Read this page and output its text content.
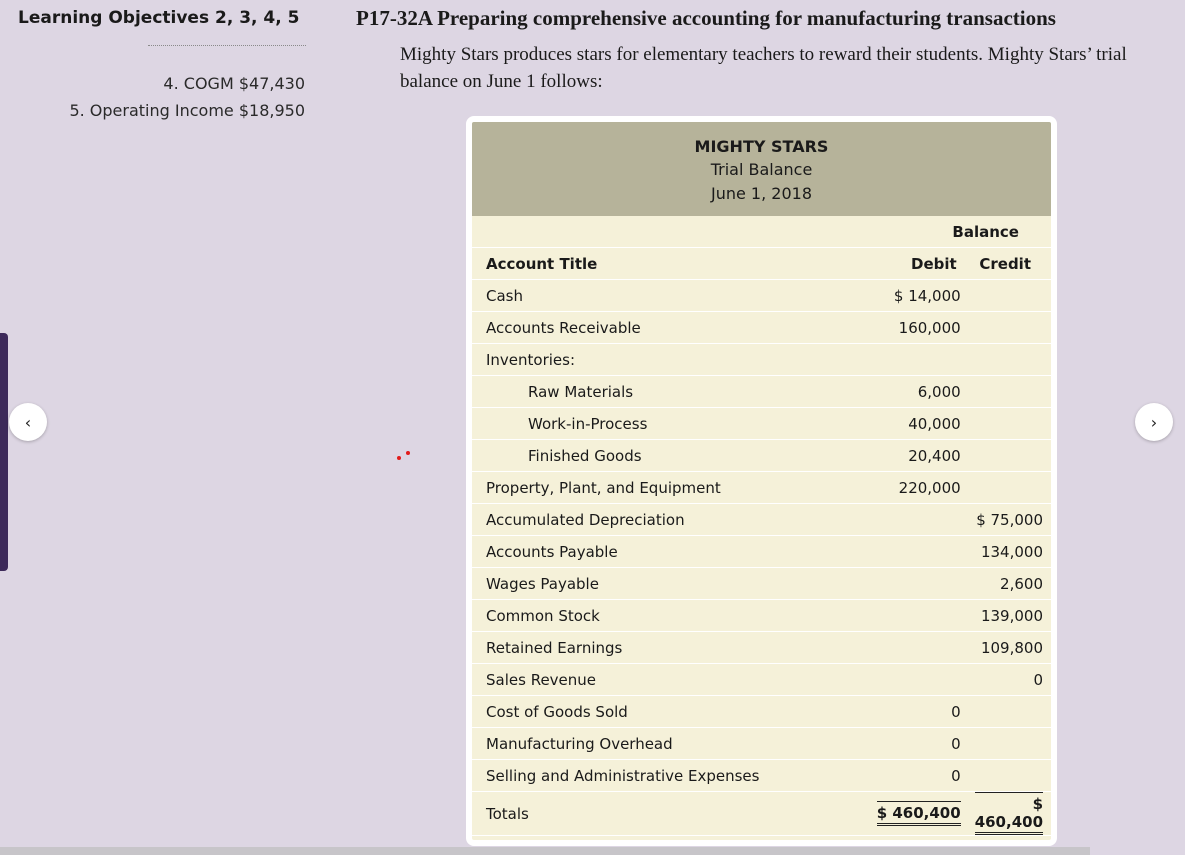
Learning Objectives 2, 3, 4, 5
4. COGM $47,430
5. Operating Income $18,950
‹	›
P17-32A Preparing comprehensive accounting for manufacturing transactions
Mighty Stars produces stars for elementary teachers to reward their students. Mighty Stars’ trial balance on June 1 follows:
MIGHTY STARS
Trial Balance
June 1, 2018
	Balance	
Account Title	Debit	Credit
Cash	$ 14,000	
Accounts Receivable	160,000	
Inventories:		
Raw Materials	6,000	
Work-in-Process	40,000	
Finished Goods	20,400	
Property, Plant, and Equipment	220,000	
Accumulated Depreciation		$ 75,000
Accounts Payable		134,000
Wages Payable		2,600
Common Stock		139,000
Retained Earnings		109,800
Sales Revenue		0
Cost of Goods Sold	0	
Manufacturing Overhead	0	
Selling and Administrative Expenses	0	
Totals	$ 460,400	$ 460,400
